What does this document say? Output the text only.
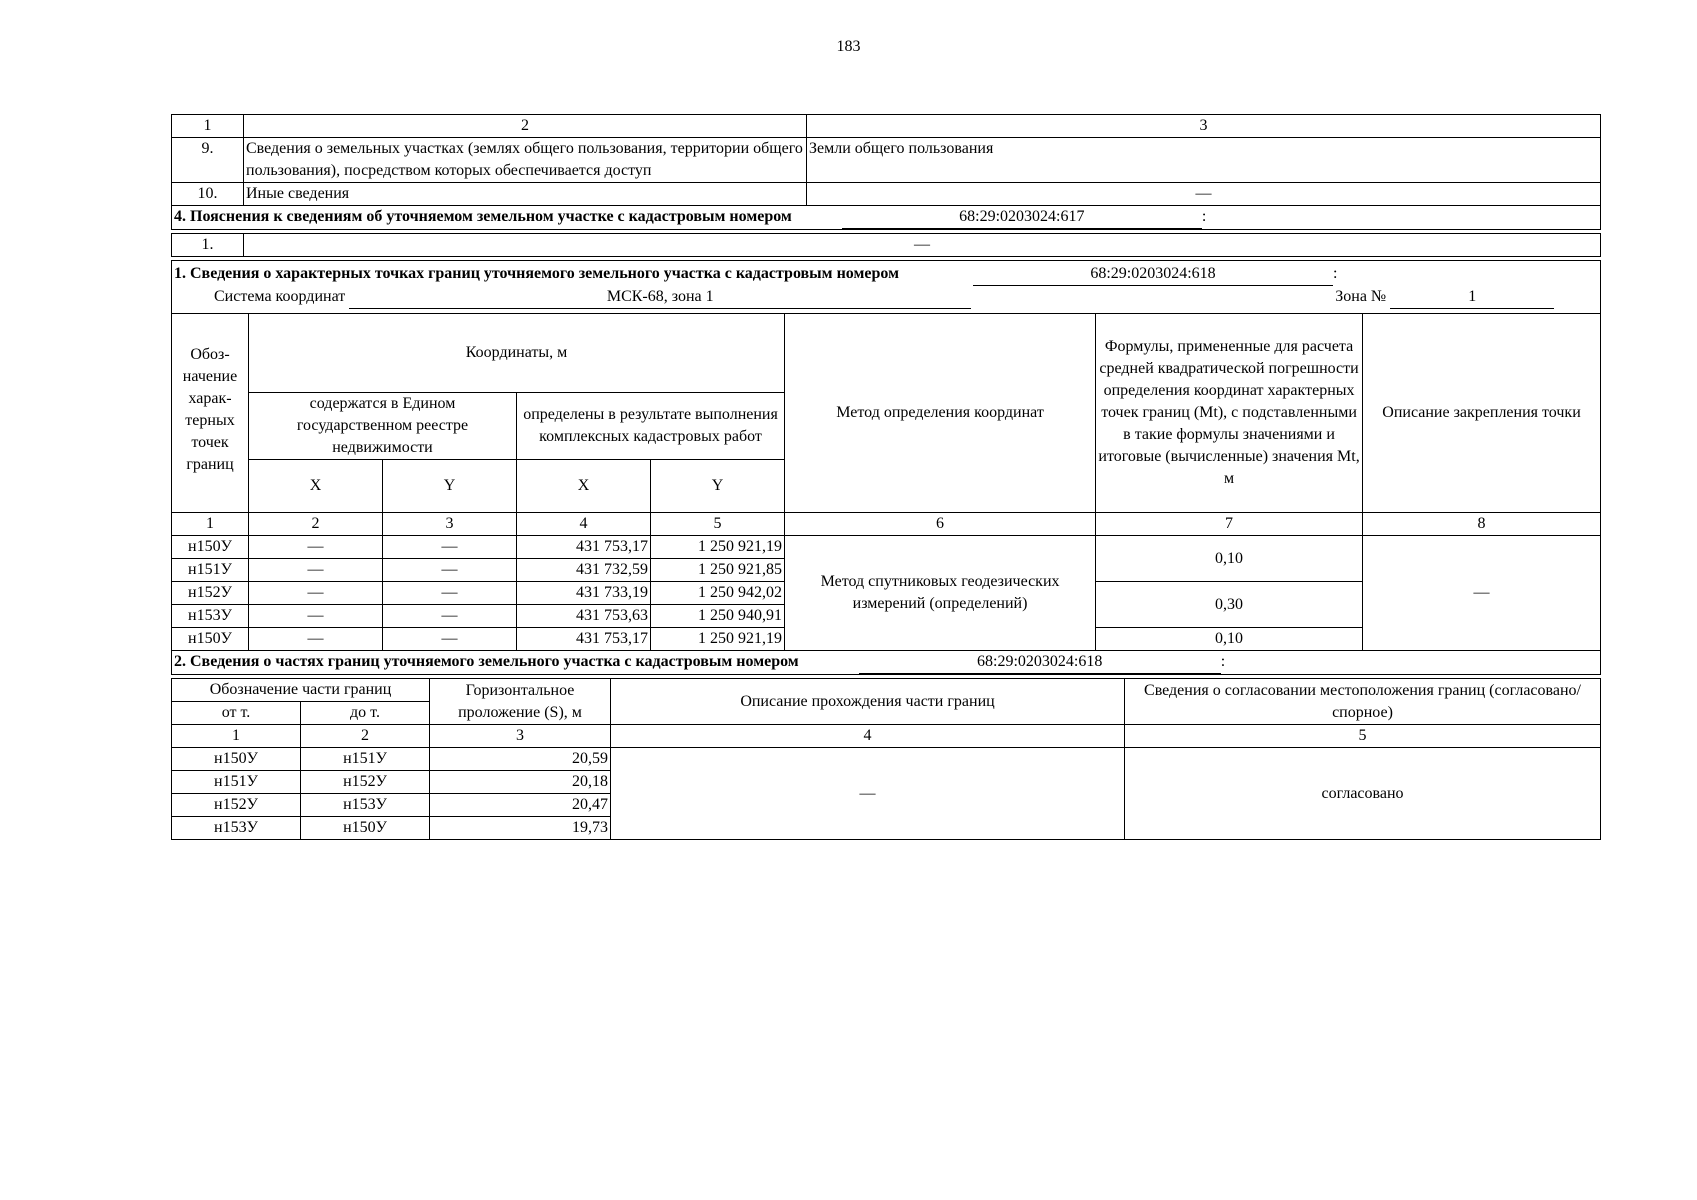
183
1	2	3
9.	Сведения о земельных участках (землях общего пользования, территории общего пользования), посредством которых обеспечивается доступ	Земли общего пользования
10.	Иные сведения	—
4. Пояснения к сведениям об уточняемом земельном участке с кадастровым номером 68:29:0203024:617 :		
1.	—
1. Сведения о характерных точках границ уточняемого земельного участка с кадастровым номером	68:29:0203024:618	:
Система координат	МСК-68, зона 1	Зона №	1
Обоз-начение харак-терных точек границ	Координаты, м				Метод определения координат	Формулы, примененные для расчета средней квадратической погрешности определения координат характерных точек границ (Mt), с подставленными в такие формулы значениями и итоговые (вычисленные) значения Mt, м	Описание закрепления точки
	содержатся в Едином государственном реестре недвижимости		определены в результате выполнения комплексных кадастровых работ				
	X	Y	X	Y			
1	2	3	4	5	6	7	8
н150У	—	—	431 753,17	1 250 921,19	Метод спутниковых геодезических измерений (определений)	0,10	—
н151У	—	—	431 732,59	1 250 921,85			
н152У	—	—	431 733,19	1 250 942,02		0,30	
н153У	—	—	431 753,63	1 250 940,91			
н150У	—	—	431 753,17	1 250 921,19		0,10	
2. Сведения о частях границ уточняемого земельного участка с кадастровым номером	68:29:0203024:618	:
Обозначение части границ		Горизонтальное проложение (S), м	Описание прохождения части границ	Сведения о согласовании местоположения границ (согласовано/спорное)
от т.	до т.			
1	2	3	4	5
н150У	н151У	20,59	—	согласовано
н151У	н152У	20,18		
н152У	н153У	20,47		
н153У	н150У	19,73		
